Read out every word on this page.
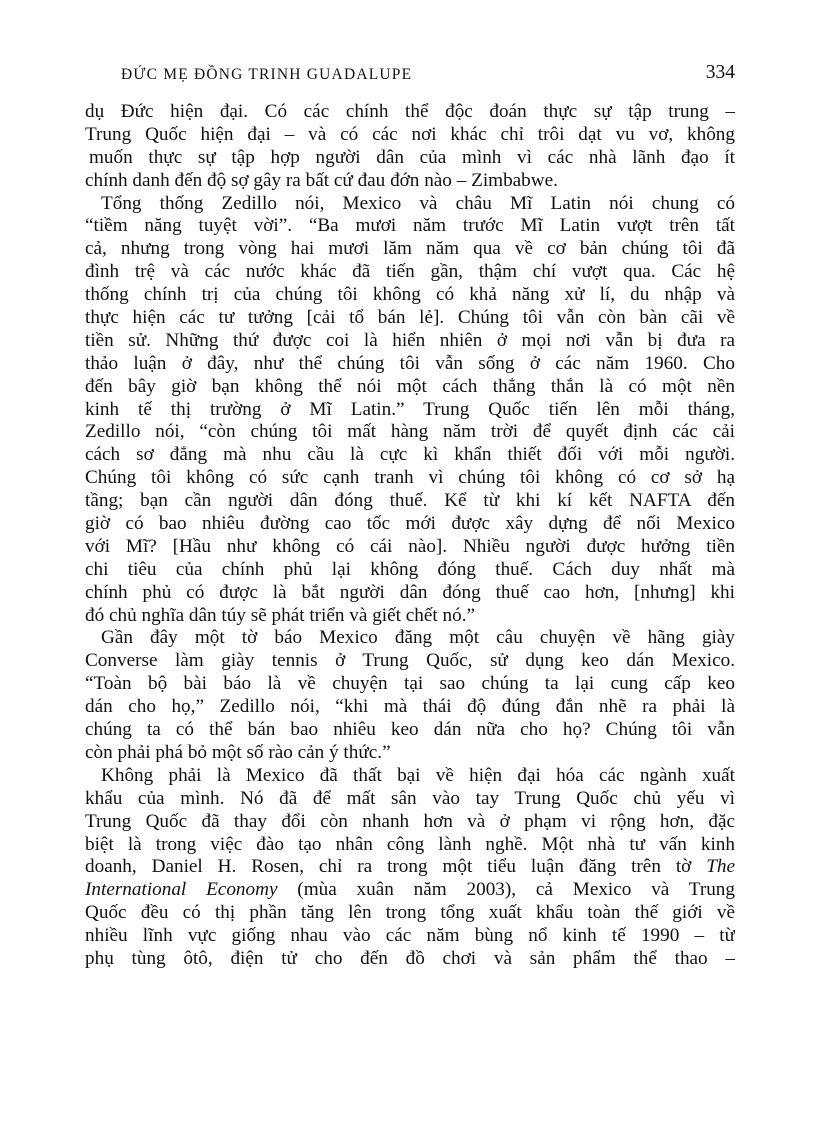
ĐỨC MẸ ĐỒNG TRINH GUADALUPE	334
dụ Đức hiện đại. Có các chính thể độc đoán thực sự tập trung –
Trung Quốc hiện đại – và có các nơi khác chỉ trôi dạt vu vơ, không
muốn thực sự tập hợp người dân của mình vì các nhà lãnh đạo ít
chính danh đến độ sợ gây ra bất cứ đau đớn nào – Zimbabwe.
Tổng thống Zedillo nói, Mexico và châu Mĩ Latin nói chung có
“tiềm năng tuyệt vời”. “Ba mươi năm trước Mĩ Latin vượt trên tất
cả, nhưng trong vòng hai mươi lăm năm qua về cơ bản chúng tôi đã
đình trệ và các nước khác đã tiến gần, thậm chí vượt qua. Các hệ
thống chính trị của chúng tôi không có khả năng xử lí, du nhập và
thực hiện các tư tưởng [cải tổ bán lẻ]. Chúng tôi vẫn còn bàn cãi về
tiền sử. Những thứ được coi là hiển nhiên ở mọi nơi vẫn bị đưa ra
thảo luận ở đây, như thể chúng tôi vẫn sống ở các năm 1960. Cho
đến bây giờ bạn không thể nói một cách thẳng thắn là có một nền
kinh tế thị trường ở Mĩ Latin.” Trung Quốc tiến lên mỗi tháng,
Zedillo nói, “còn chúng tôi mất hàng năm trời để quyết định các cải
cách sơ đẳng mà nhu cầu là cực kì khẩn thiết đối với mỗi người.
Chúng tôi không có sức cạnh tranh vì chúng tôi không có cơ sở hạ
tầng; bạn cần người dân đóng thuế. Kể từ khi kí kết NAFTA đến
giờ có bao nhiêu đường cao tốc mới được xây dựng để nối Mexico
với Mĩ? [Hầu như không có cái nào]. Nhiều người được hưởng tiền
chi tiêu của chính phủ lại không đóng thuế. Cách duy nhất mà
chính phủ có được là bắt người dân đóng thuế cao hơn, [nhưng] khi
đó chủ nghĩa dân túy sẽ phát triển và giết chết nó.”
Gần đây một tờ báo Mexico đăng một câu chuyện về hãng giày
Converse làm giày tennis ở Trung Quốc, sử dụng keo dán Mexico.
“Toàn bộ bài báo là về chuyện tại sao chúng ta lại cung cấp keo
dán cho họ,” Zedillo nói, “khi mà thái độ đúng đắn nhẽ ra phải là
chúng ta có thể bán bao nhiêu keo dán nữa cho họ? Chúng tôi vẫn
còn phải phá bỏ một số rào cản ý thức.”
Không phải là Mexico đã thất bại về hiện đại hóa các ngành xuất
khẩu của mình. Nó đã để mất sân vào tay Trung Quốc chủ yếu vì
Trung Quốc đã thay đổi còn nhanh hơn và ở phạm vi rộng hơn, đặc
biệt là trong việc đào tạo nhân công lành nghề. Một nhà tư vấn kinh
doanh, Daniel H. Rosen, chỉ ra trong một tiểu luận đăng trên tờ The
International Economy (mùa xuân năm 2003), cả Mexico và Trung
Quốc đều có thị phần tăng lên trong tổng xuất khẩu toàn thế giới về
nhiều lĩnh vực giống nhau vào các năm bùng nổ kinh tế 1990 – từ
phụ tùng ôtô, điện tử cho đến đồ chơi và sản phẩm thể thao –
